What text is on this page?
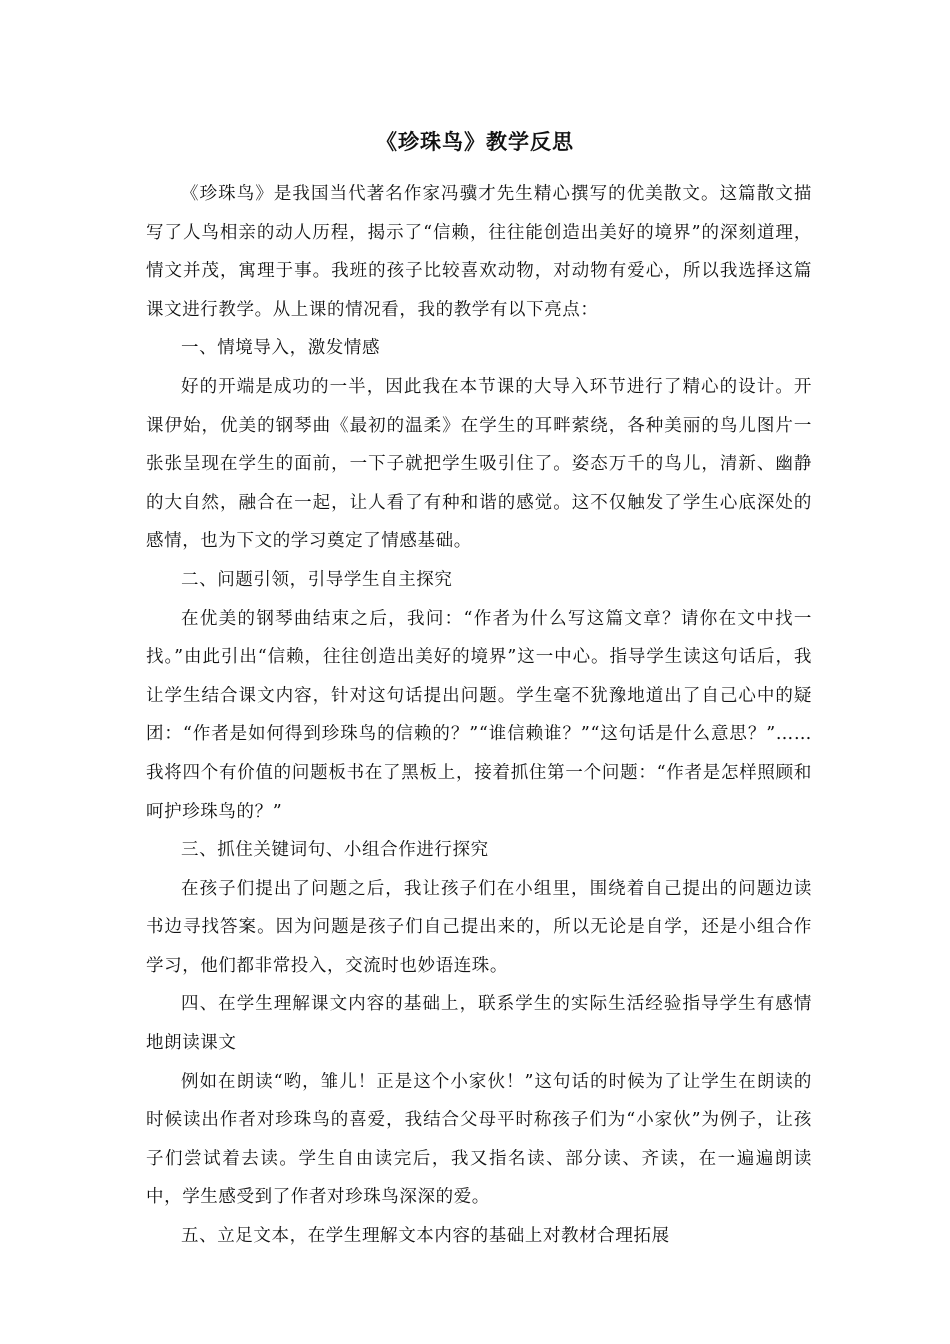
《珍珠鸟》教学反思

《珍珠鸟》是我国当代著名作家冯骥才先生精心撰写的优美散文。这篇散文描写了人鸟相亲的动人历程，揭示了“信赖，往往能创造出美好的境界”的深刻道理，情文并茂，寓理于事。我班的孩子比较喜欢动物，对动物有爱心，所以我选择这篇课文进行教学。从上课的情况看，我的教学有以下亮点：

一、情境导入，激发情感

好的开端是成功的一半，因此我在本节课的大导入环节进行了精心的设计。开课伊始，优美的钢琴曲《最初的温柔》在学生的耳畔萦绕，各种美丽的鸟儿图片一张张呈现在学生的面前，一下子就把学生吸引住了。姿态万千的鸟儿，清新、幽静的大自然，融合在一起，让人看了有种和谐的感觉。这不仅触发了学生心底深处的感情，也为下文的学习奠定了情感基础。

二、问题引领，引导学生自主探究

在优美的钢琴曲结束之后，我问：“作者为什么写这篇文章？请你在文中找一找。”由此引出“信赖，往往创造出美好的境界”这一中心。指导学生读这句话后，我让学生结合课文内容，针对这句话提出问题。学生毫不犹豫地道出了自己心中的疑团：“作者是如何得到珍珠鸟的信赖的？”“谁信赖谁？”“这句话是什么意思？”……我将四个有价值的问题板书在了黑板上，接着抓住第一个问题：“作者是怎样照顾和呵护珍珠鸟的？”

三、抓住关键词句、小组合作进行探究

在孩子们提出了问题之后，我让孩子们在小组里，围绕着自己提出的问题边读书边寻找答案。因为问题是孩子们自己提出来的，所以无论是自学，还是小组合作学习，他们都非常投入，交流时也妙语连珠。

四、在学生理解课文内容的基础上，联系学生的实际生活经验指导学生有感情地朗读课文

例如在朗读“哟，雏儿！正是这个小家伙！”这句话的时候为了让学生在朗读的时候读出作者对珍珠鸟的喜爱，我结合父母平时称孩子们为“小家伙”为例子，让孩子们尝试着去读。学生自由读完后，我又指名读、部分读、齐读，在一遍遍朗读中，学生感受到了作者对珍珠鸟深深的爱。

五、立足文本，在学生理解文本内容的基础上对教材合理拓展
